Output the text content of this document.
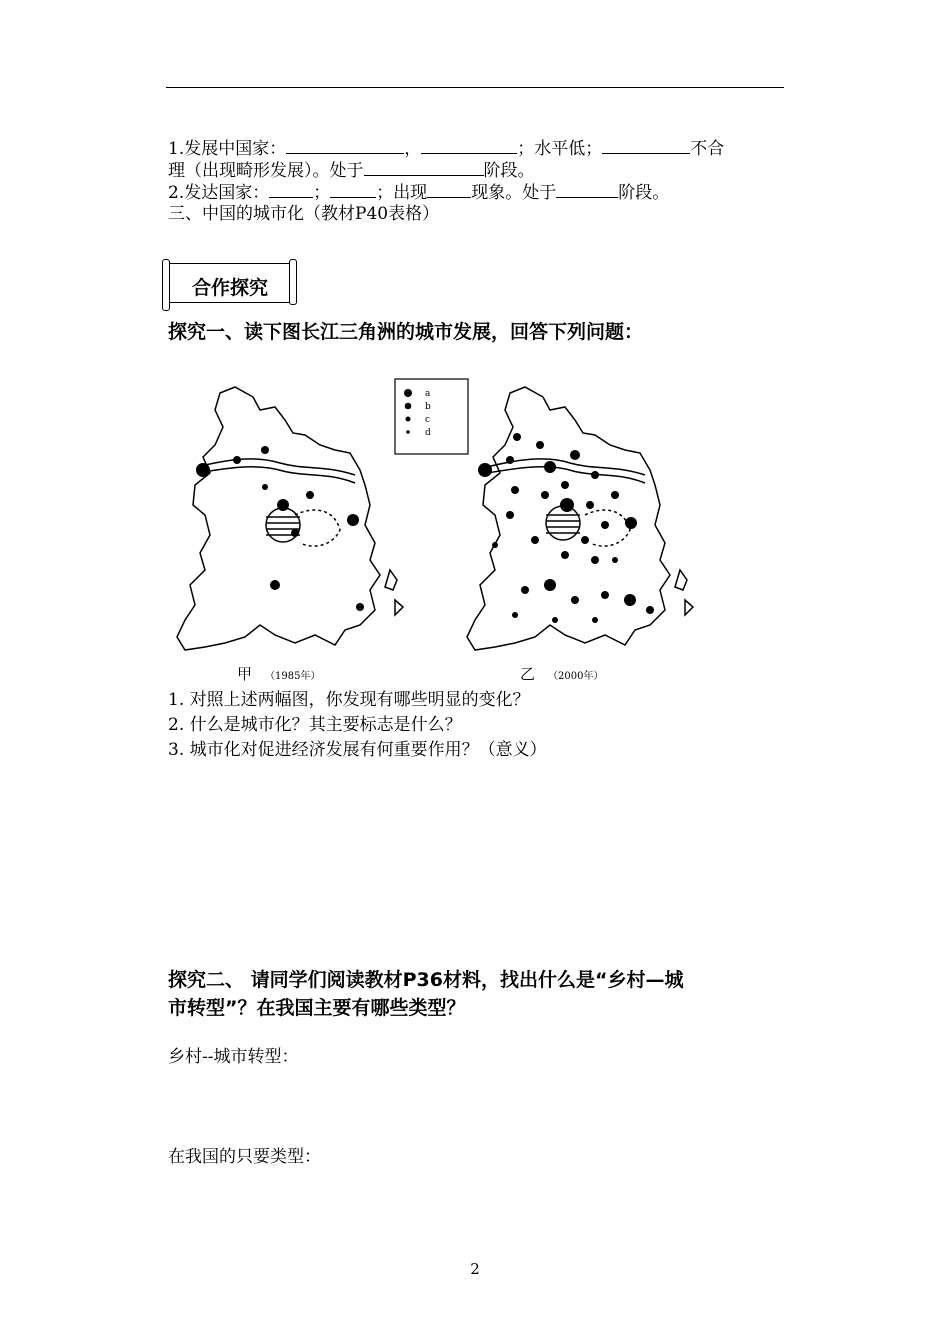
1.发展中国家：	，	；水平低；	不合
理（出现畸形发展）。处于	阶段。
2.发达国家：	；	；出现	现象。处于	阶段。
三、中国的城市化（教材P40表格）
合作探究
探究一、读下图长江三角洲的城市发展，回答下列问题：
a
b
c
d
甲 （1985年）	乙 （2000年）
1. 对照上述两幅图，你发现有哪些明显的变化？
2. 什么是城市化？其主要标志是什么？
3. 城市化对促进经济发展有何重要作用？（意义）
探究二、 请同学们阅读教材P36材料，找出什么是“乡村—城
市转型”？在我国主要有哪些类型？
乡村--城市转型：
在我国的只要类型：
2
